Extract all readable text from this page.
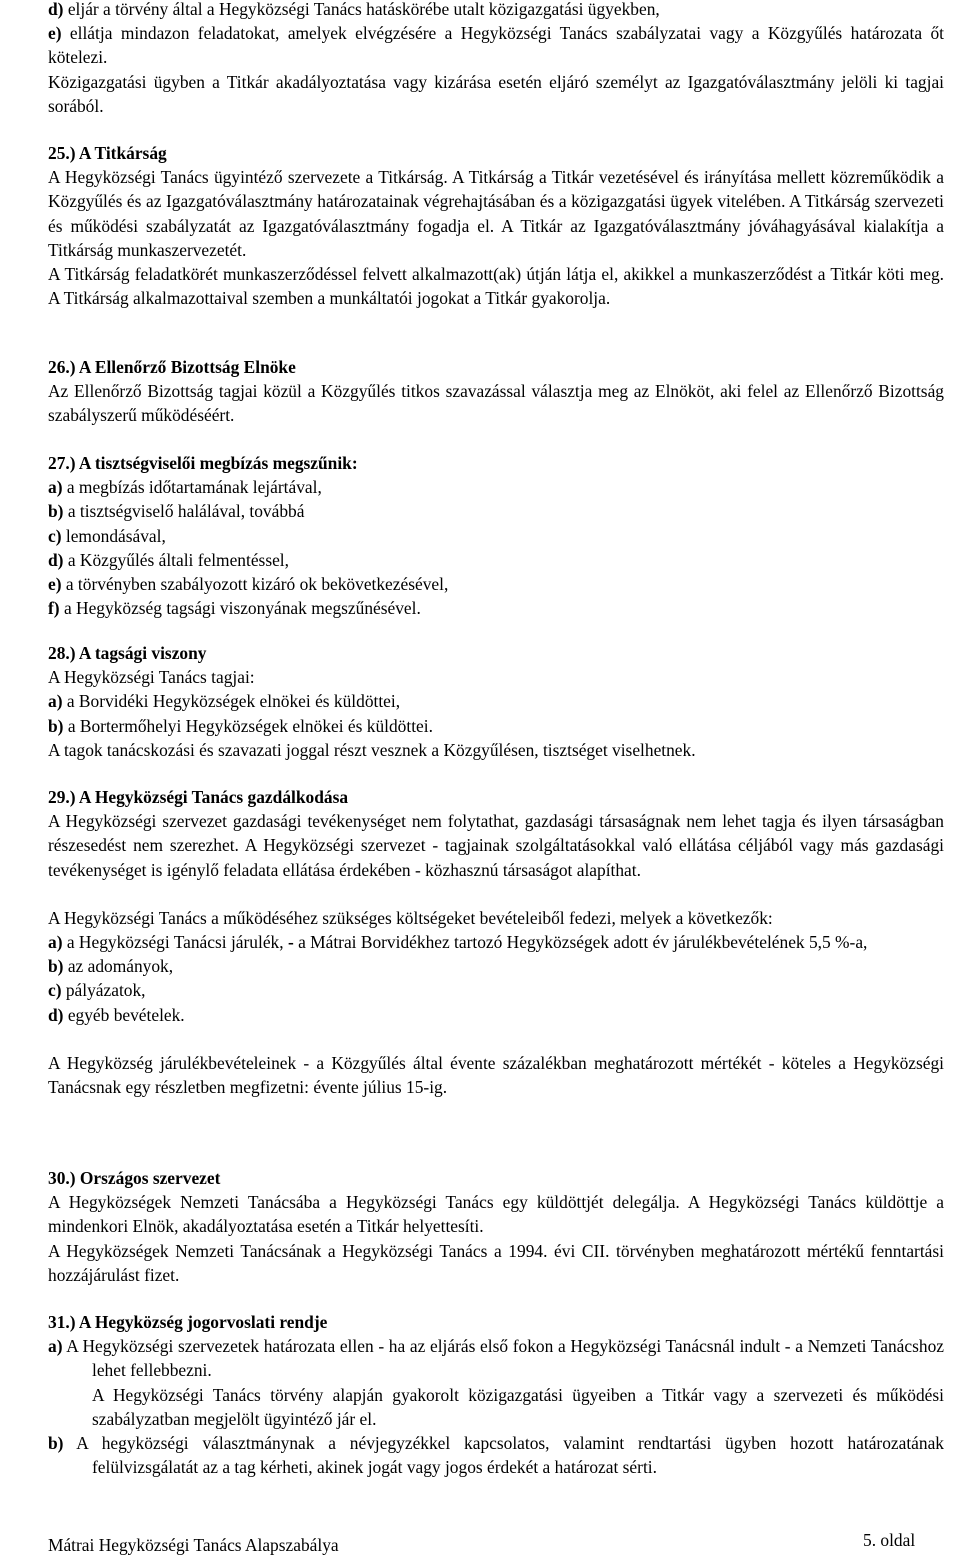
d) eljár a törvény által a Hegyközségi Tanács hatáskörébe utalt közigazgatási ügyekben,

e) ellátja mindazon feladatokat, amelyek elvégzésére a Hegyközségi Tanács szabályzatai vagy a Közgyűlés határozata őt kötelezi.

Közigazgatási ügyben a Titkár akadályoztatása vagy kizárása esetén eljáró személyt az Igazgatóválasztmány jelöli ki tagjai sorából.

25.) A Titkárság

A Hegyközségi Tanács ügyintéző szervezete a Titkárság. A Titkárság a Titkár vezetésével és irányítása mellett közreműködik a Közgyűlés és az Igazgatóválasztmány határozatainak végrehajtásában és a közigazgatási ügyek vitelében. A Titkárság szervezeti és működési szabályzatát az Igazgatóválasztmány fogadja el. A Titkár az Igazgatóválasztmány jóváhagyásával kialakítja a Titkárság munkaszervezetét.

A Titkárság feladatkörét munkaszerződéssel felvett alkalmazott(ak) útján látja el, akikkel a munkaszerződést a Titkár köti meg. A Titkárság alkalmazottaival szemben a munkáltatói jogokat a Titkár gyakorolja.

26.) A Ellenőrző Bizottság Elnöke

Az Ellenőrző Bizottság tagjai közül a Közgyűlés titkos szavazással választja meg az Elnököt, aki felel az Ellenőrző Bizottság szabályszerű működéséért.

27.) A tisztségviselői megbízás megszűnik:

a) a megbízás időtartamának lejártával,

b) a tisztségviselő halálával, továbbá

c) lemondásával,

d) a Közgyűlés általi felmentéssel,

e) a törvényben szabályozott kizáró ok bekövetkezésével,

f) a Hegyközség tagsági viszonyának megszűnésével.

28.) A tagsági viszony

A Hegyközségi Tanács tagjai:

a) a Borvidéki Hegyközségek elnökei és küldöttei,

b) a Bortermőhelyi Hegyközségek elnökei és küldöttei.

A tagok tanácskozási és szavazati joggal részt vesznek a Közgyűlésen, tisztséget viselhetnek.

29.) A Hegyközségi Tanács gazdálkodása

A Hegyközségi szervezet gazdasági tevékenységet nem folytathat, gazdasági társaságnak nem lehet tagja és ilyen társaságban részesedést nem szerezhet. A Hegyközségi szervezet - tagjainak szolgáltatásokkal való ellátása céljából vagy más gazdasági tevékenységet is igénylő feladata ellátása érdekében - közhasznú társaságot alapíthat.

A Hegyközségi Tanács a működéséhez szükséges költségeket bevételeiből fedezi, melyek a következők:

a) a Hegyközségi Tanácsi járulék, - a Mátrai Borvidékhez tartozó Hegyközségek adott év járulékbevételének 5,5 %-a,

b) az adományok,

c) pályázatok,

d) egyéb bevételek.

A Hegyközség járulékbevételeinek - a Közgyűlés által évente százalékban meghatározott mértékét - köteles a Hegyközségi Tanácsnak egy részletben megfizetni: évente július 15-ig.

30.) Országos szervezet

A Hegyközségek Nemzeti Tanácsába a Hegyközségi Tanács egy küldöttjét delegálja. A Hegyközségi Tanács küldöttje a mindenkori Elnök, akadályoztatása esetén a Titkár helyettesíti.

A Hegyközségek Nemzeti Tanácsának a Hegyközségi Tanács a 1994. évi CII. törvényben meghatározott mértékű fenntartási hozzájárulást fizet.

31.) A Hegyközség jogorvoslati rendje

a) A Hegyközségi szervezetek határozata ellen - ha az eljárás első fokon a Hegyközségi Tanácsnál indult - a Nemzeti Tanácshoz lehet fellebbezni.

A Hegyközségi Tanács törvény alapján gyakorolt közigazgatási ügyeiben a Titkár vagy a szervezeti és működési szabályzatban megjelölt ügyintéző jár el.

b) A hegyközségi választmánynak a névjegyzékkel kapcsolatos, valamint rendtartási ügyben hozott határozatának felülvizsgálatát az a tag kérheti, akinek jogát vagy jogos érdekét a határozat sérti.

Mátrai Hegyközségi Tanács Alapszabálya	5. oldal
